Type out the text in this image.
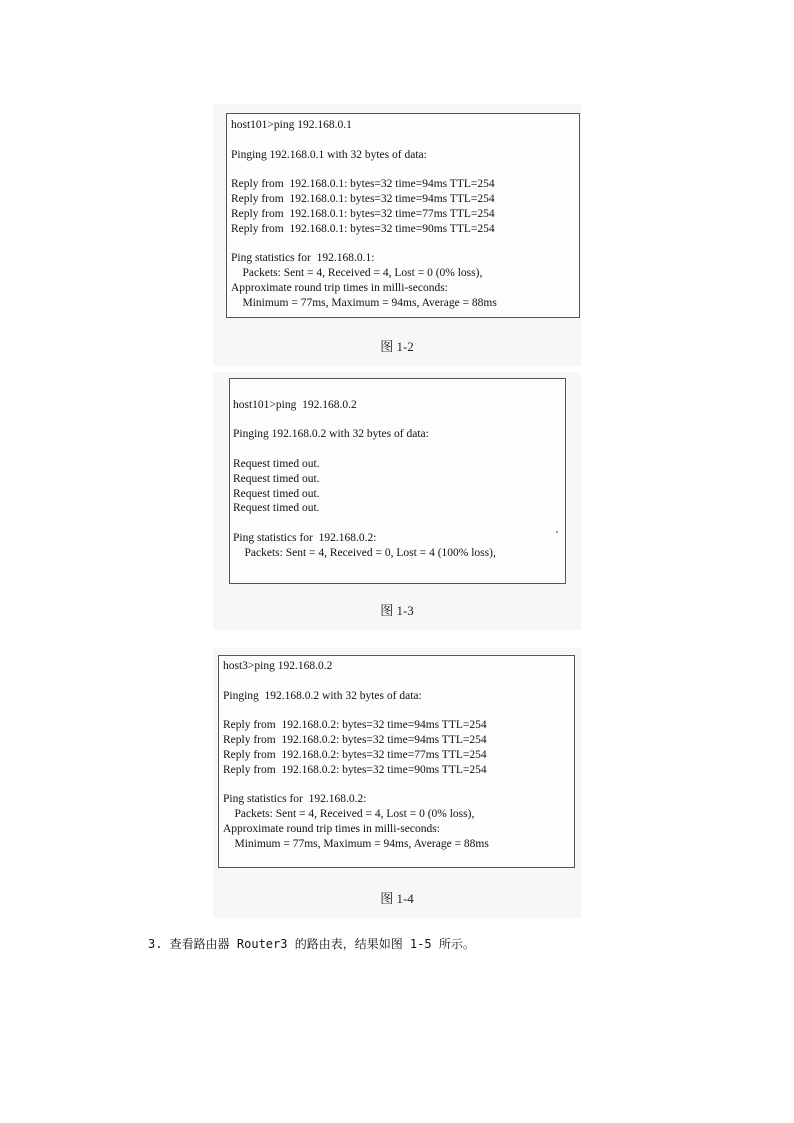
host101>ping 192.168.0.1

Pinging 192.168.0.1 with 32 bytes of data:

Reply from  192.168.0.1: bytes=32 time=94ms TTL=254
Reply from  192.168.0.1: bytes=32 time=94ms TTL=254
Reply from  192.168.0.1: bytes=32 time=77ms TTL=254
Reply from  192.168.0.1: bytes=32 time=90ms TTL=254

Ping statistics for  192.168.0.1:
Packets: Sent = 4, Received = 4, Lost = 0 (0% loss),
Approximate round trip times in milli-seconds:
Minimum = 77ms, Maximum = 94ms, Average = 88ms
图 1-2

host101>ping  192.168.0.2

Pinging 192.168.0.2 with 32 bytes of data:

Request timed out.
Request timed out.
Request timed out.
Request timed out.

Ping statistics for  192.168.0.2:
Packets: Sent = 4, Received = 0, Lost = 4 (100% loss),
图 1-3
host3>ping 192.168.0.2

Pinging  192.168.0.2 with 32 bytes of data:

Reply from  192.168.0.2: bytes=32 time=94ms TTL=254
Reply from  192.168.0.2: bytes=32 time=94ms TTL=254
Reply from  192.168.0.2: bytes=32 time=77ms TTL=254
Reply from  192.168.0.2: bytes=32 time=90ms TTL=254

Ping statistics for  192.168.0.2:
Packets: Sent = 4, Received = 4, Lost = 0 (0% loss),
Approximate round trip times in milli-seconds:
Minimum = 77ms, Maximum = 94ms, Average = 88ms
图 1-4
3. 查看路由器 Router3 的路由表，结果如图 1-5 所示。
